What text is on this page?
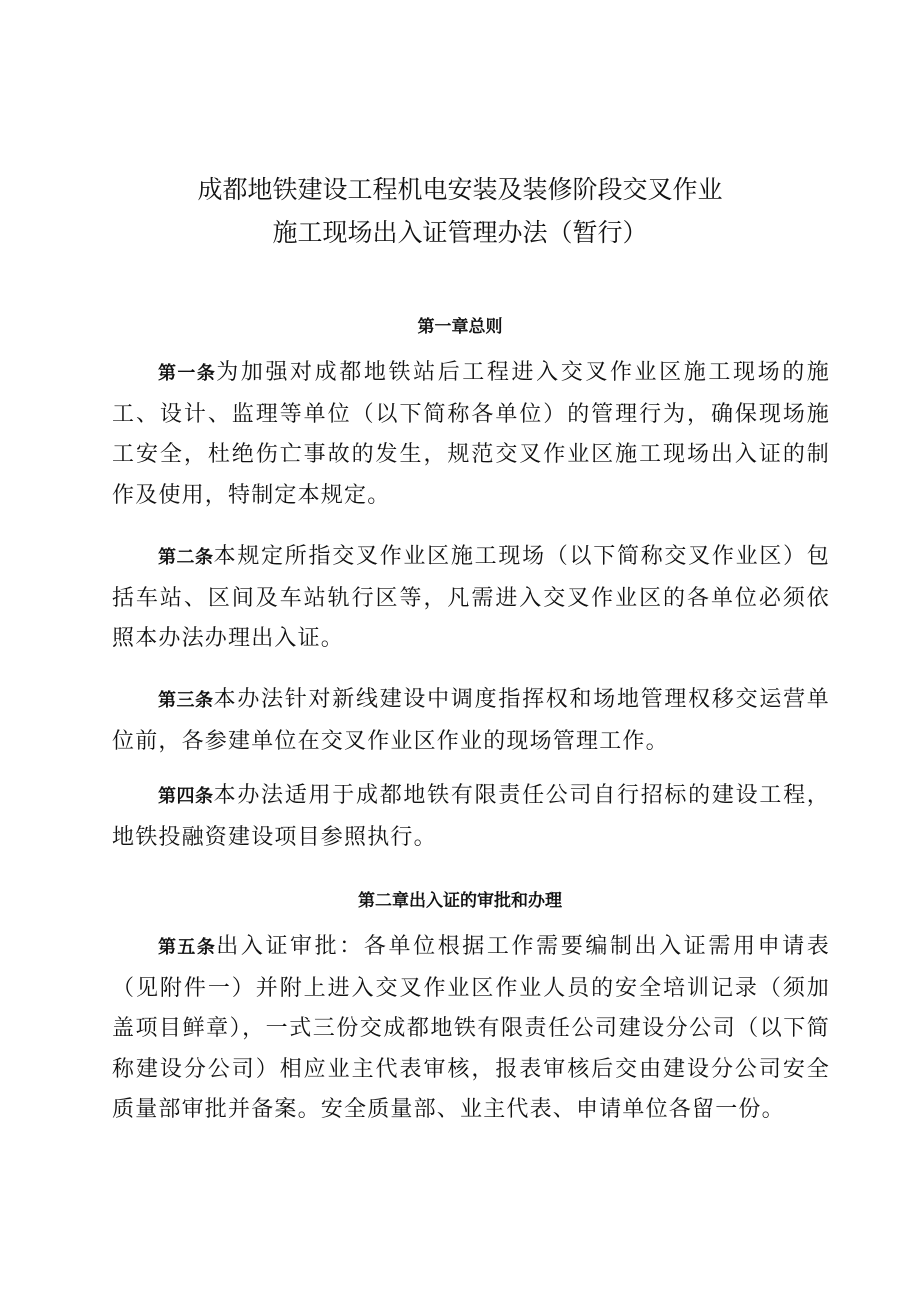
成都地铁建设工程机电安装及装修阶段交叉作业
施工现场出入证管理办法（暂行）
第一章总则

第一条为加强对成都地铁站后工程进入交叉作业区施工现场的施工、设计、监理等单位（以下简称各单位）的管理行为，确保现场施工安全，杜绝伤亡事故的发生，规范交叉作业区施工现场出入证的制作及使用，特制定本规定。

第二条本规定所指交叉作业区施工现场（以下简称交叉作业区）包括车站、区间及车站轨行区等，凡需进入交叉作业区的各单位必须依照本办法办理出入证。

第三条本办法针对新线建设中调度指挥权和场地管理权移交运营单位前，各参建单位在交叉作业区作业的现场管理工作。

第四条本办法适用于成都地铁有限责任公司自行招标的建设工程，地铁投融资建设项目参照执行。

第二章出入证的审批和办理

第五条出入证审批：各单位根据工作需要编制出入证需用申请表（见附件一）并附上进入交叉作业区作业人员的安全培训记录（须加盖项目鲜章），一式三份交成都地铁有限责任公司建设分公司（以下简称建设分公司）相应业主代表审核，报表审核后交由建设分公司安全质量部审批并备案。安全质量部、业主代表、申请单位各留一份。
